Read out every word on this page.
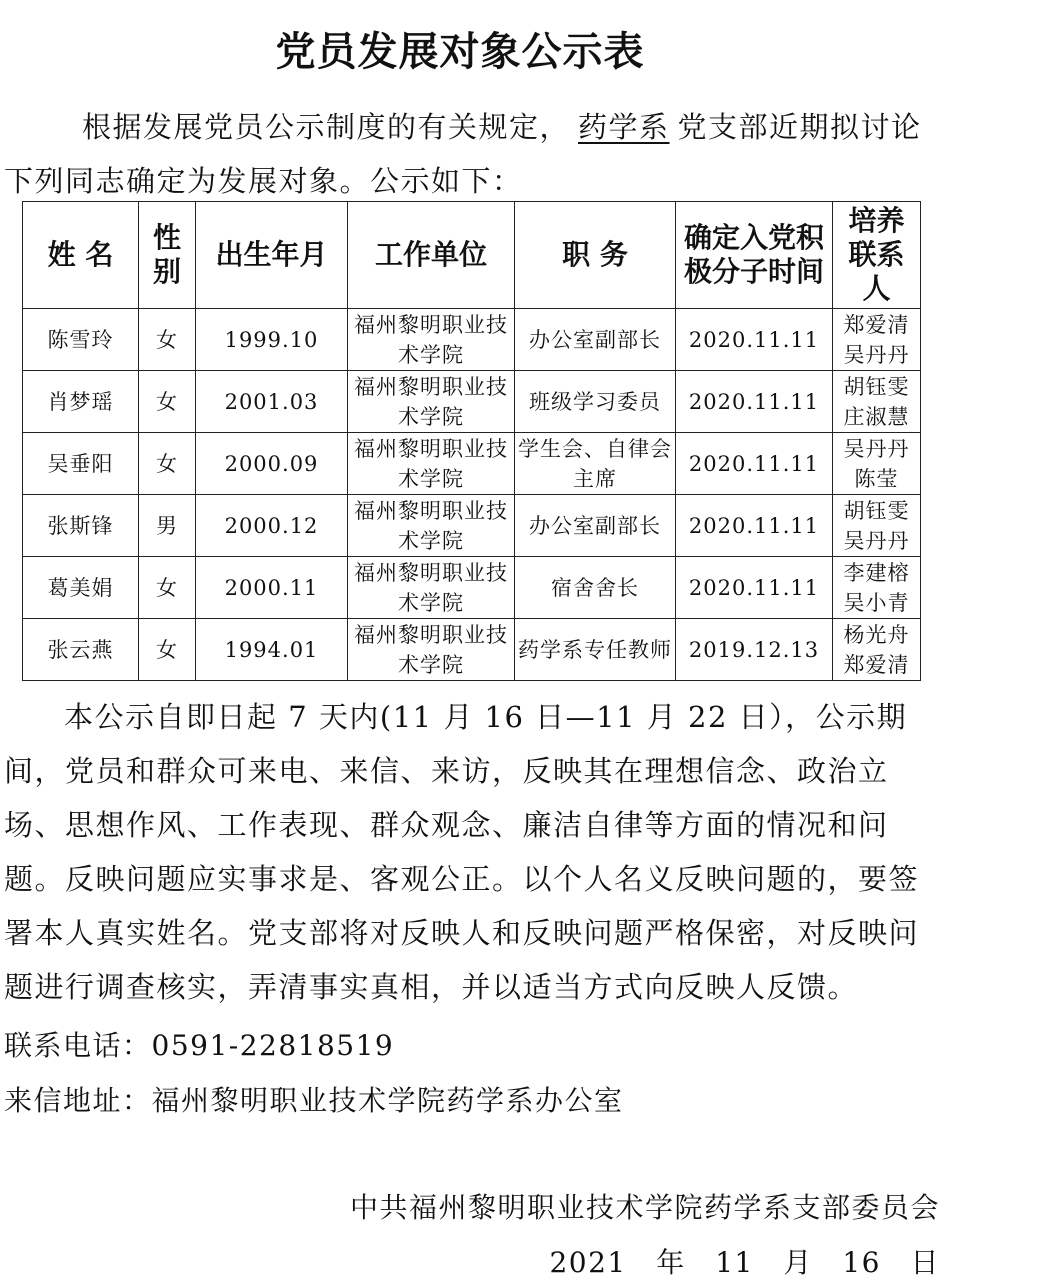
党员发展对象公示表
根据发展党员公示制度的有关规定， 药学系 党支部近期拟讨论下列同志确定为发展对象。公示如下：
姓 名	性别	出生年月	工作单位	职 务	确定入党积极分子时间	培养联系人
陈雪玲	女	1999.10	福州黎明职业技术学院	办公室副部长	2020.11.11	郑爱清吴丹丹
肖梦瑶	女	2001.03	福州黎明职业技术学院	班级学习委员	2020.11.11	胡钰雯庄淑慧
吴垂阳	女	2000.09	福州黎明职业技术学院	学生会、自律会主席	2020.11.11	吴丹丹陈莹
张斯锋	男	2000.12	福州黎明职业技术学院	办公室副部长	2020.11.11	胡钰雯吴丹丹
葛美娟	女	2000.11	福州黎明职业技术学院	宿舍舍长	2020.11.11	李建榕吴小青
张云燕	女	1994.01	福州黎明职业技术学院	药学系专任教师	2019.12.13	杨光舟郑爱清
本公示自即日起 7 天内(11 月 16 日—11 月 22 日），公示期间，党员和群众可来电、来信、来访，反映其在理想信念、政治立场、思想作风、工作表现、群众观念、廉洁自律等方面的情况和问题。反映问题应实事求是、客观公正。以个人名义反映问题的，要签署本人真实姓名。党支部将对反映人和反映问题严格保密，对反映问题进行调查核实，弄清事实真相，并以适当方式向反映人反馈。
联系电话：0591-22818519
来信地址：福州黎明职业技术学院药学系办公室
中共福州黎明职业技术学院药学系支部委员会
2021　年　11　月　16　日
